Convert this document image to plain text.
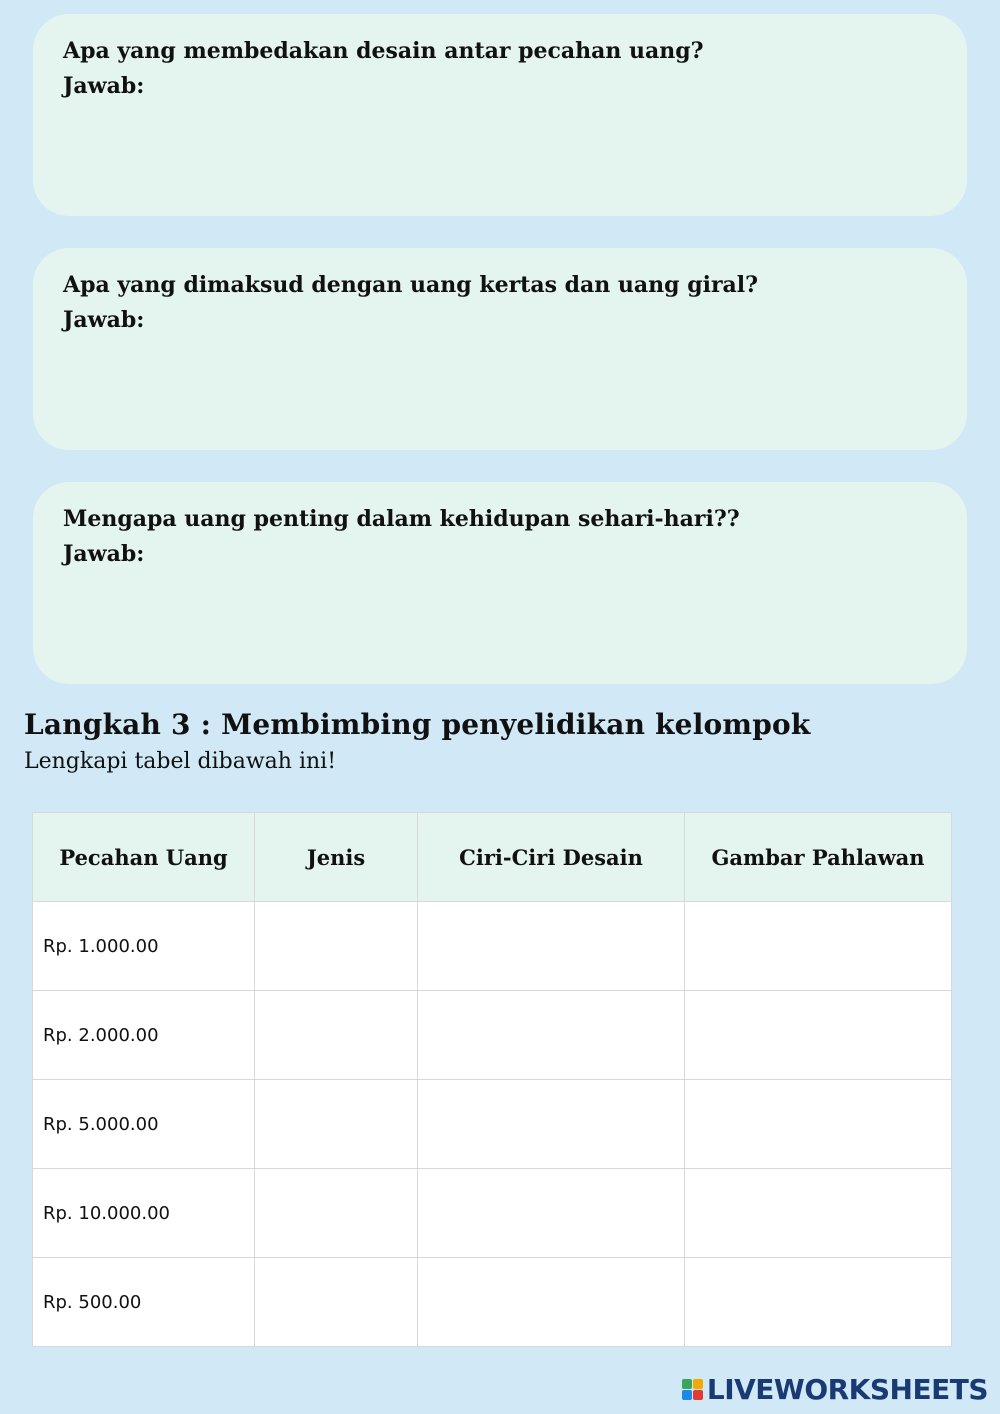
Apa yang membedakan desain antar pecahan uang?
Jawab:
Apa yang dimaksud dengan uang kertas dan uang giral?
Jawab:
Mengapa uang penting dalam kehidupan sehari-hari??
Jawab:
Langkah 3 : Membimbing penyelidikan kelompok

Lengkapi tabel dibawah ini!

Pecahan Uang	Jenis	Ciri-Ciri Desain	Gambar Pahlawan
Rp. 1.000.00			
Rp. 2.000.00			
Rp. 5.000.00			
Rp. 10.000.00			
Rp. 500.00			
LIVEWORKSHEETS
